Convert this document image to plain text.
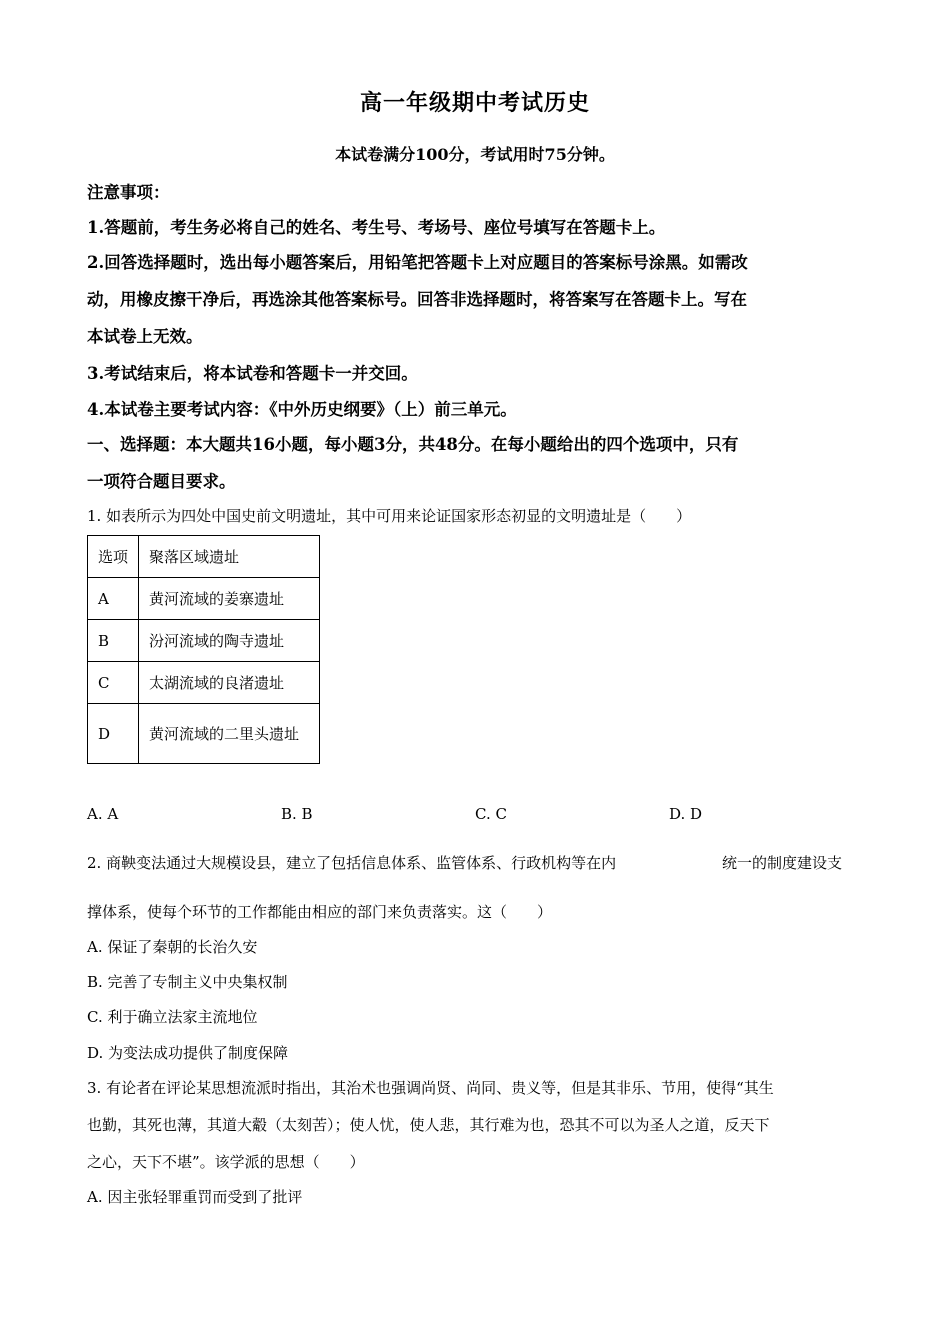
高一年级期中考试历史
本试卷满分100分，考试用时75分钟。
注意事项：
1.答题前，考生务必将自己的姓名、考生号、考场号、座位号填写在答题卡上。
2.回答选择题时，选出每小题答案后，用铅笔把答题卡上对应题目的答案标号涂黑。如需改
动，用橡皮擦干净后，再选涂其他答案标号。回答非选择题时，将答案写在答题卡上。写在
本试卷上无效。
3.考试结束后，将本试卷和答题卡一并交回。
4.本试卷主要考试内容：《中外历史纲要》（上）前三单元。
一、选择题：本大题共16小题，每小题3分，共48分。在每小题给出的四个选项中，只有
一项符合题目要求。
1. 如表所示为四处中国史前文明遗址，其中可用来论证国家形态初显的文明遗址是（　　）
选项	聚落区域遗址
A	黄河流域的姜寨遗址
B	汾河流域的陶寺遗址
C	太湖流域的良渚遗址
D	黄河流域的二里头遗址
A. A	B. B	C. C	D. D
2. 商鞅变法通过大规模设县，建立了包括信息体系、监管体系、行政机构等在内	统一的制度建设支
撑体系，使每个环节的工作都能由相应的部门来负责落实。这（　　）
A. 保证了秦朝的长治久安
B. 完善了专制主义中央集权制
C. 利于确立法家主流地位
D. 为变法成功提供了制度保障
3. 有论者在评论某思想流派时指出，其治术也强调尚贤、尚同、贵义等，但是其非乐、节用，使得“其生
也勤，其死也薄，其道大觳（太刻苦）；使人忧，使人悲，其行难为也，恐其不可以为圣人之道，反天下
之心，天下不堪”。该学派的思想（　　）
A. 因主张轻罪重罚而受到了批评
